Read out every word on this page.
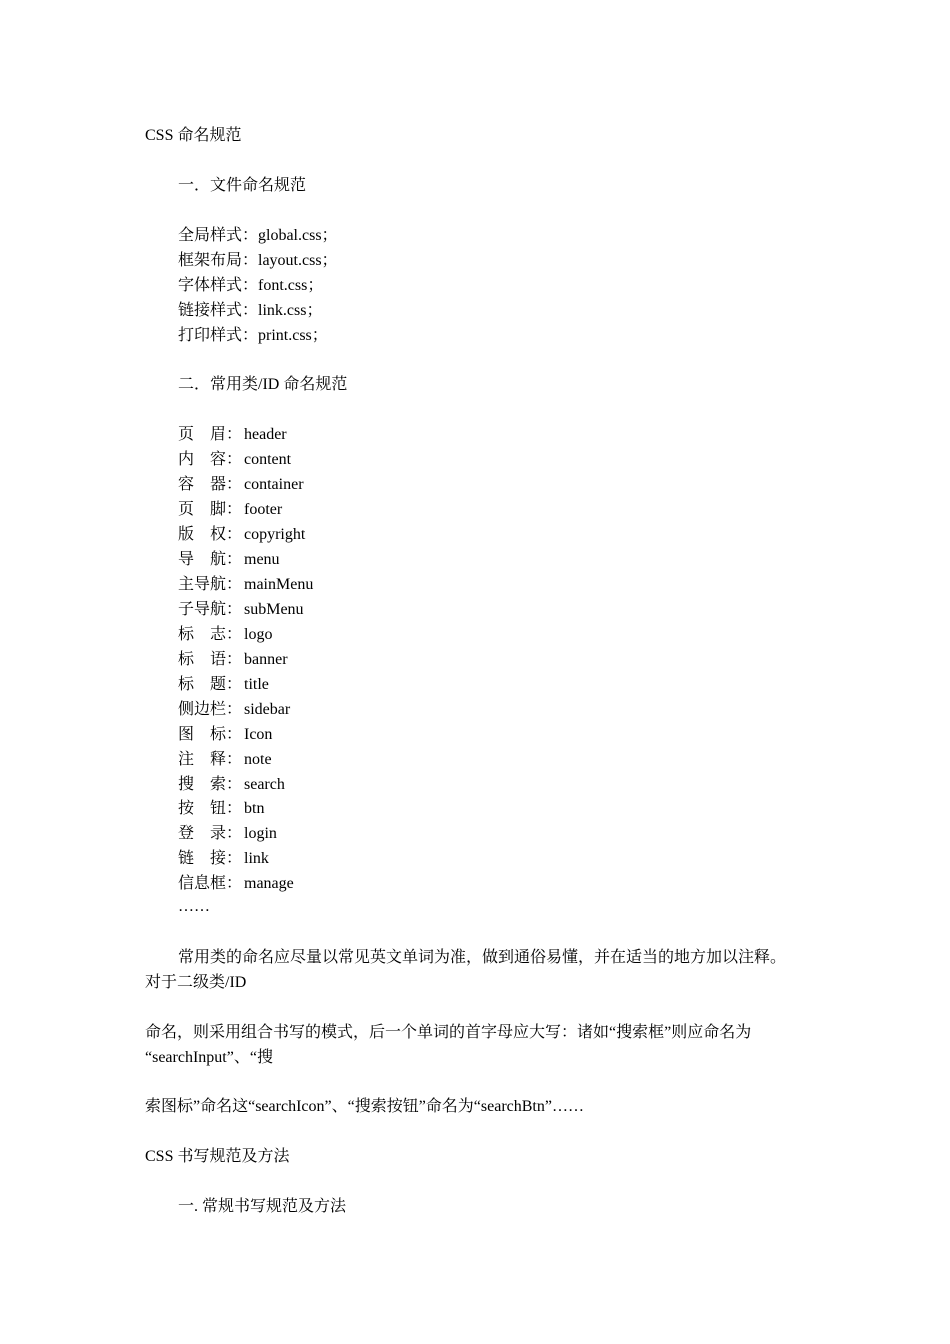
CSS 命名规范
一．文件命名规范
全局样式：global.css；
框架布局：layout.css；
字体样式：font.css；
链接样式：link.css；
打印样式：print.css；
二．常用类/ID 命名规范
页　眉： header
内　容： content
容　器： container
页　脚： footer
版　权： copyright
导　航： menu
主导航： mainMenu
子导航： subMenu
标　志： logo
标　语： banner
标　题： title
侧边栏： sidebar
图　标： Icon
注　释： note
搜　索： search
按　钮： btn
登　录： login
链　接： link
信息框： manage
……
常用类的命名应尽量以常见英文单词为准，做到通俗易懂，并在适当的地方加以注释。
对于二级类/ID
命名，则采用组合书写的模式，后一个单词的首字母应大写：诸如“搜索框”则应命名为
“searchInput”、“搜
索图标”命名这“searchIcon”、“搜索按钮”命名为“searchBtn”……
CSS 书写规范及方法
一. 常规书写规范及方法
